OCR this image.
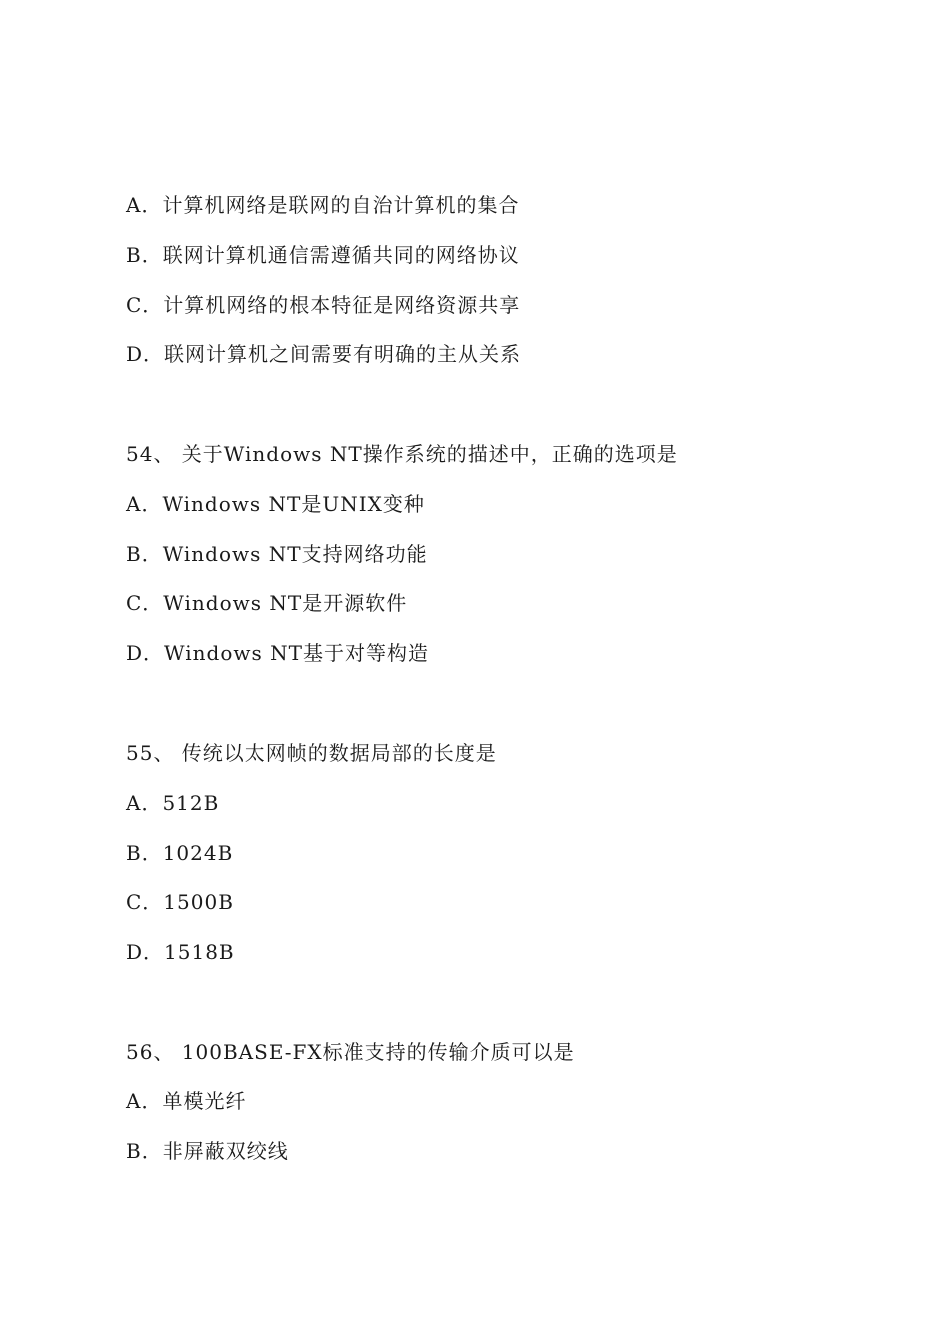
A．计算机网络是联网的自治计算机的集合
B．联网计算机通信需遵循共同的网络协议
C．计算机网络的根本特征是网络资源共享
D．联网计算机之间需要有明确的主从关系
54、 关于Windows NT操作系统的描述中，正确的选项是
A．Windows NT是UNIX变种
B．Windows NT支持网络功能
C．Windows NT是开源软件
D．Windows NT基于对等构造
55、 传统以太网帧的数据局部的长度是
A．512B
B．1024B
C．1500B
D．1518B
56、 100BASE-FX标准支持的传输介质可以是
A．单模光纤
B．非屏蔽双绞线
